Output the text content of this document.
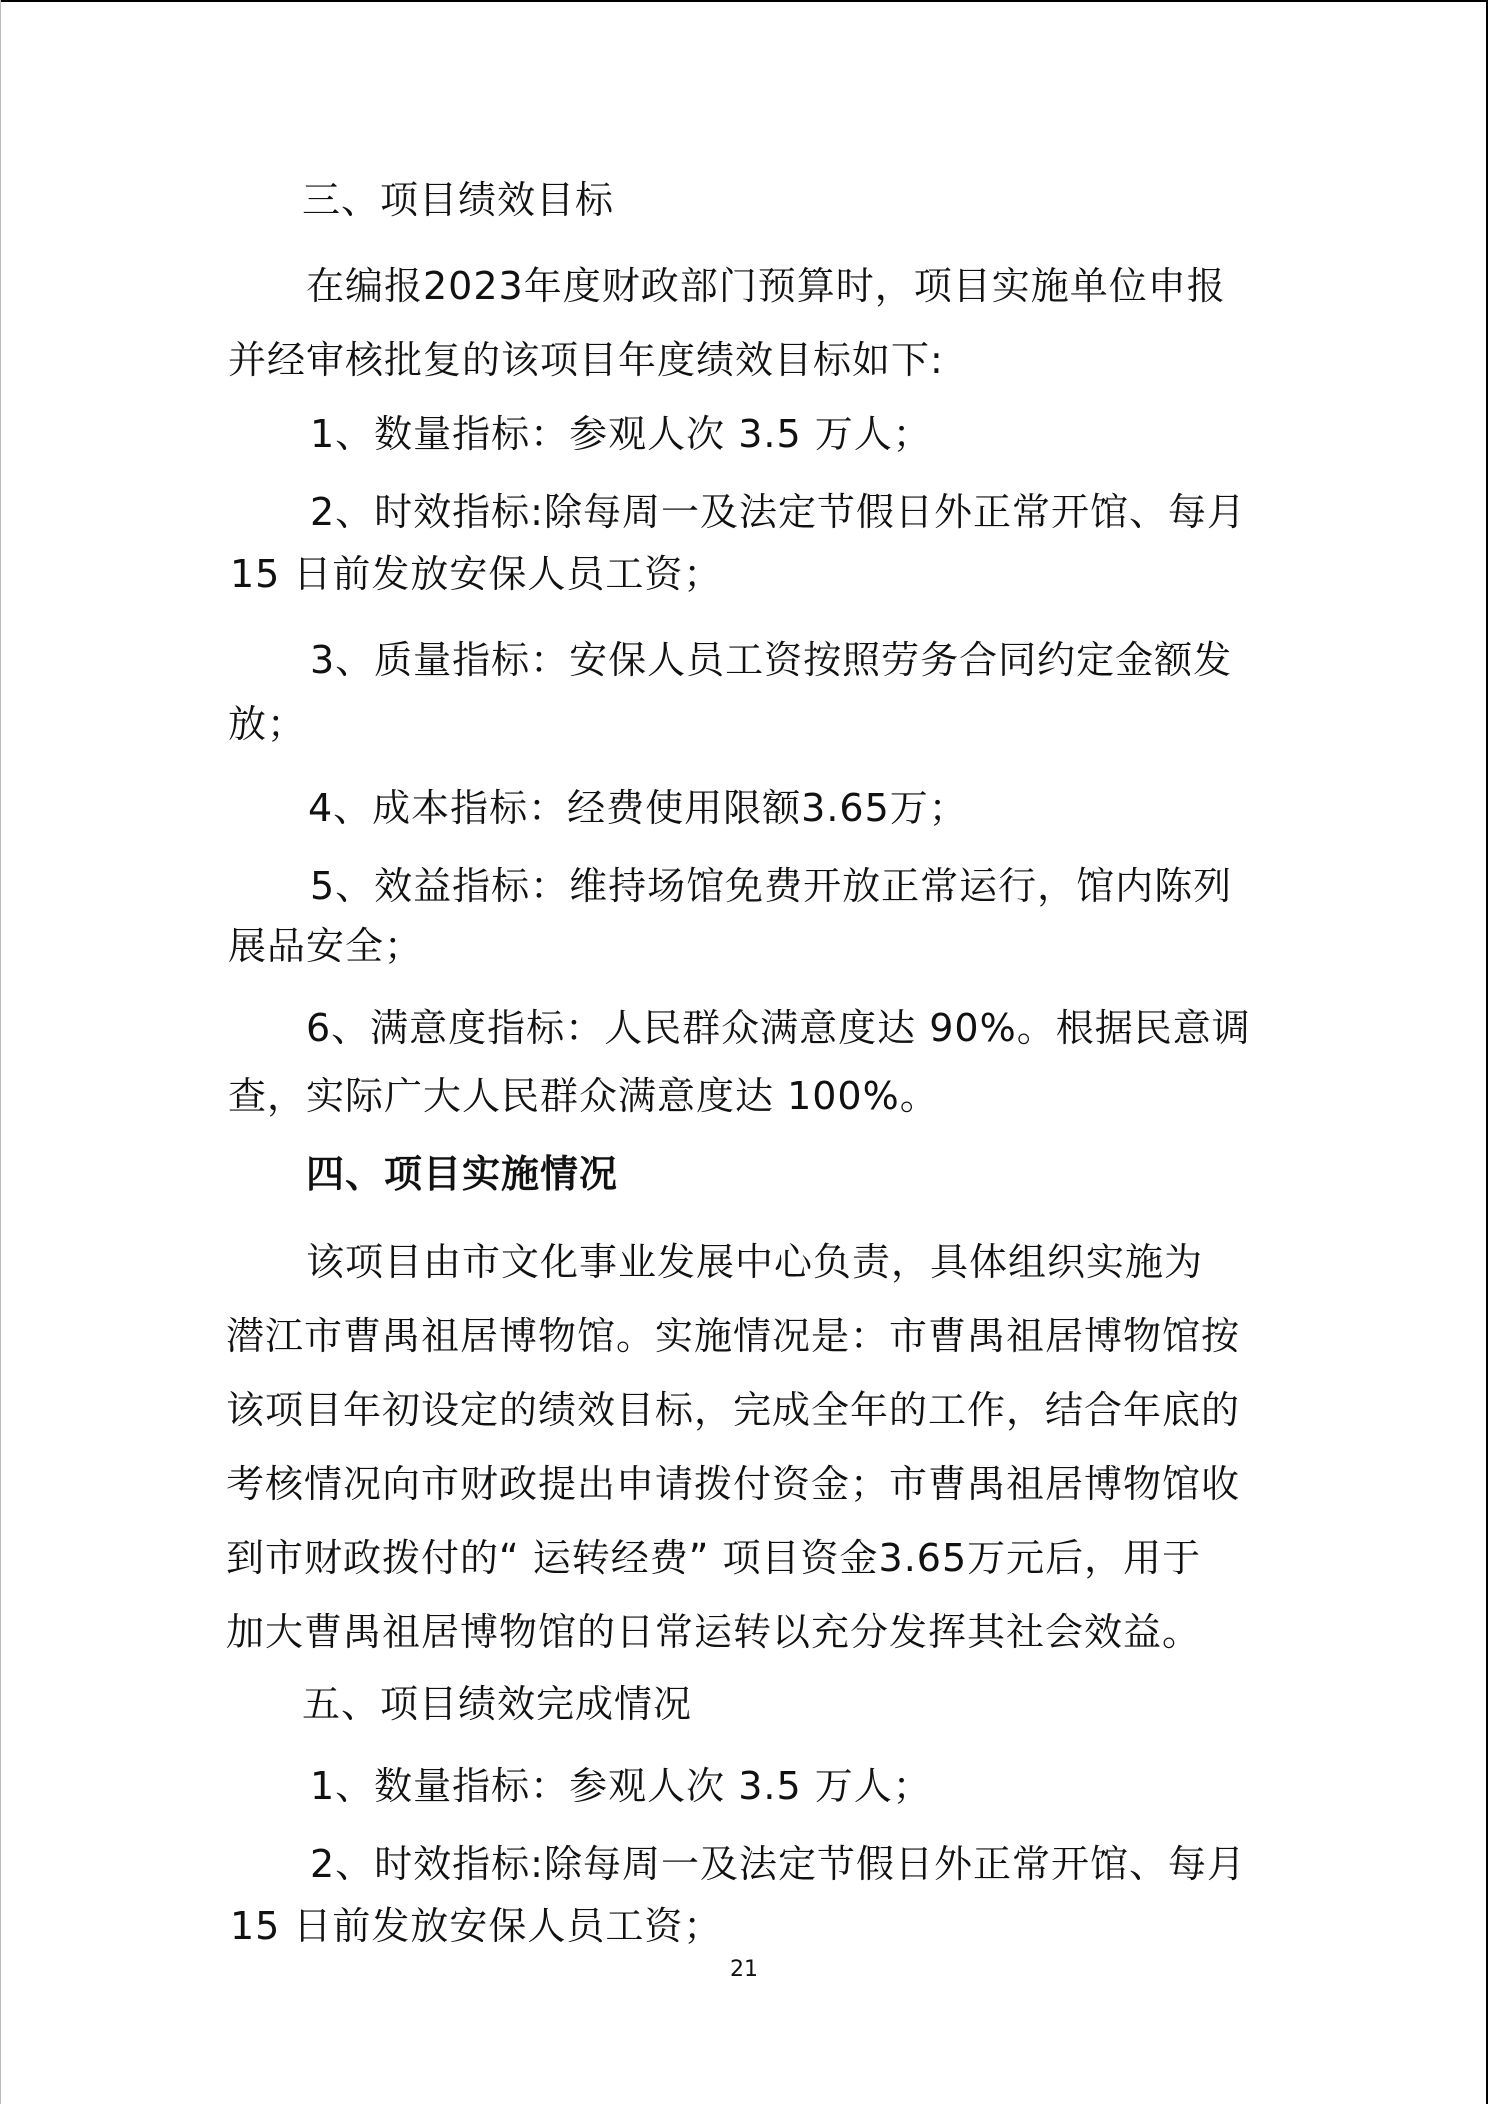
三、项目绩效目标
在编报2023年度财政部门预算时，项目实施单位申报
并经审核批复的该项目年度绩效目标如下:
1、数量指标：参观人次 3.5 万人；
2、时效指标:除每周一及法定节假日外正常开馆、每月
15 日前发放安保人员工资；
3、质量指标：安保人员工资按照劳务合同约定金额发
放；
4、成本指标：经费使用限额3.65万；
5、效益指标：维持场馆免费开放正常运行，馆内陈列
展品安全；
6、满意度指标：人民群众满意度达 90%。根据民意调
查，实际广大人民群众满意度达 100%。
四、项目实施情况
该项目由市文化事业发展中心负责，具体组织实施为
潜江市曹禺祖居博物馆。实施情况是：市曹禺祖居博物馆按
该项目年初设定的绩效目标，完成全年的工作，结合年底的
考核情况向市财政提出申请拨付资金；市曹禺祖居博物馆收
到市财政拨付的“ 运转经费” 项目资金3.65万元后，用于
加大曹禺祖居博物馆的日常运转以充分发挥其社会效益。
五、项目绩效完成情况
1、数量指标：参观人次 3.5 万人；
2、时效指标:除每周一及法定节假日外正常开馆、每月
15 日前发放安保人员工资；
21
